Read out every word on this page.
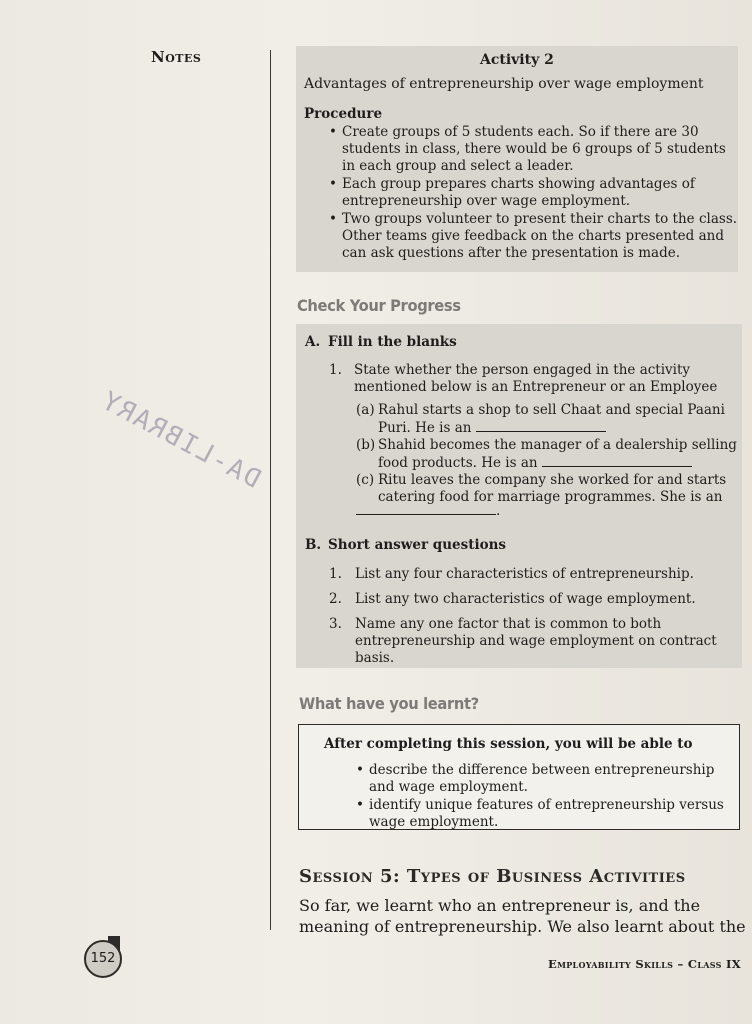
Notes
DA-LIBRARY
Activity 2
Advantages of entrepreneurship over wage employment
Procedure
• Create groups of 5 students each. So if there are 30
students in class, there would be 6 groups of 5 students
in each group and select a leader.
• Each group prepares charts showing advantages of
entrepreneurship over wage employment.
• Two groups volunteer to present their charts to the class.
Other teams give feedback on the charts presented and
can ask questions after the presentation is made.
Check Your Progress
A. Fill in the blanks
1. State whether the person engaged in the activity
mentioned below is an Entrepreneur or an Employee
(a) Rahul starts a shop to sell Chaat and special Paani
Puri. He is an
(b) Shahid becomes the manager of a dealership selling
food products. He is an
(c) Ritu leaves the company she worked for and starts
catering food for marriage programmes. She is an
.
B. Short answer questions
1. List any four characteristics of entrepreneurship.
2. List any two characteristics of wage employment.
3. Name any one factor that is common to both
entrepreneurship and wage employment on contract
basis.
What have you learnt?
After completing this session, you will be able to
• describe the difference between entrepreneurship
and wage employment.
• identify unique features of entrepreneurship versus
wage employment.
Session 5: Types of Business Activities
So far, we learnt who an entrepreneur is, and the
meaning of entrepreneurship. We also learnt about the
152	Employability Skills – Class IX
